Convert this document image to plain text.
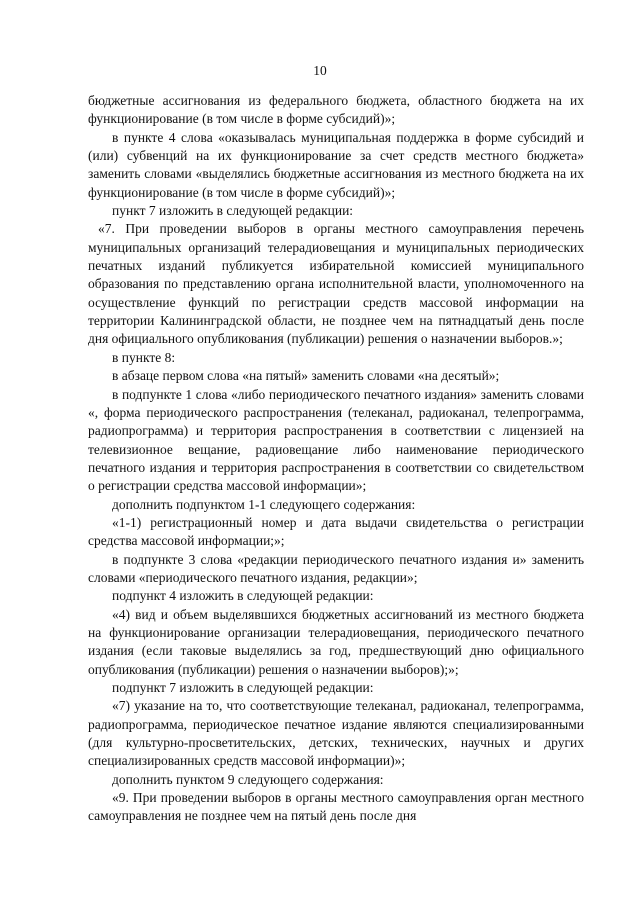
10

бюджетные ассигнования из федерального бюджета, областного бюджета на их функционирование (в том числе в форме субсидий)»;

в пункте 4 слова «оказывалась муниципальная поддержка в форме субсидий и (или) субвенций на их функционирование за счет средств местного бюджета» заменить словами «выделялись бюджетные ассигнования из местного бюджета на их функционирование (в том числе в форме субсидий)»;

пункт 7 изложить в следующей редакции:

«7. При проведении выборов в органы местного самоуправления перечень муниципальных организаций телерадиовещания и муниципальных периодических печатных изданий публикуется избирательной комиссией муниципального образования по представлению органа исполнительной власти, уполномоченного на осуществление функций по регистрации средств массовой информации на территории Калининградской области, не позднее чем на пятнадцатый день после дня официального опубликования (публикации) решения о назначении выборов.»;

в пункте 8:

в абзаце первом слова «на пятый» заменить словами «на десятый»;

в подпункте 1 слова «либо периодического печатного издания» заменить словами «, форма периодического распространения (телеканал, радиоканал, телепрограмма, радиопрограмма) и территория распространения в соответствии с лицензией на телевизионное вещание, радиовещание либо наименование периодического печатного издания и территория распространения в соответствии со свидетельством о регистрации средства массовой информации»;

дополнить подпунктом 1-1 следующего содержания:

«1-1) регистрационный номер и дата выдачи свидетельства о регистрации средства массовой информации;»;

в подпункте 3 слова «редакции периодического печатного издания и» заменить словами «периодического печатного издания, редакции»;

подпункт 4 изложить в следующей редакции:

«4) вид и объем выделявшихся бюджетных ассигнований из местного бюджета на функционирование организации телерадиовещания, периодического печатного издания (если таковые выделялись за год, предшествующий дню официального опубликования (публикации) решения о назначении выборов);»;

подпункт 7 изложить в следующей редакции:

«7) указание на то, что соответствующие телеканал, радиоканал, телепрограмма, радиопрограмма, периодическое печатное издание являются специализированными (для культурно-просветительских, детских, технических, научных и других специализированных средств массовой информации)»;

дополнить пунктом 9 следующего содержания:

«9. При проведении выборов в органы местного самоуправления орган местного самоуправления не позднее чем на пятый день после дня
